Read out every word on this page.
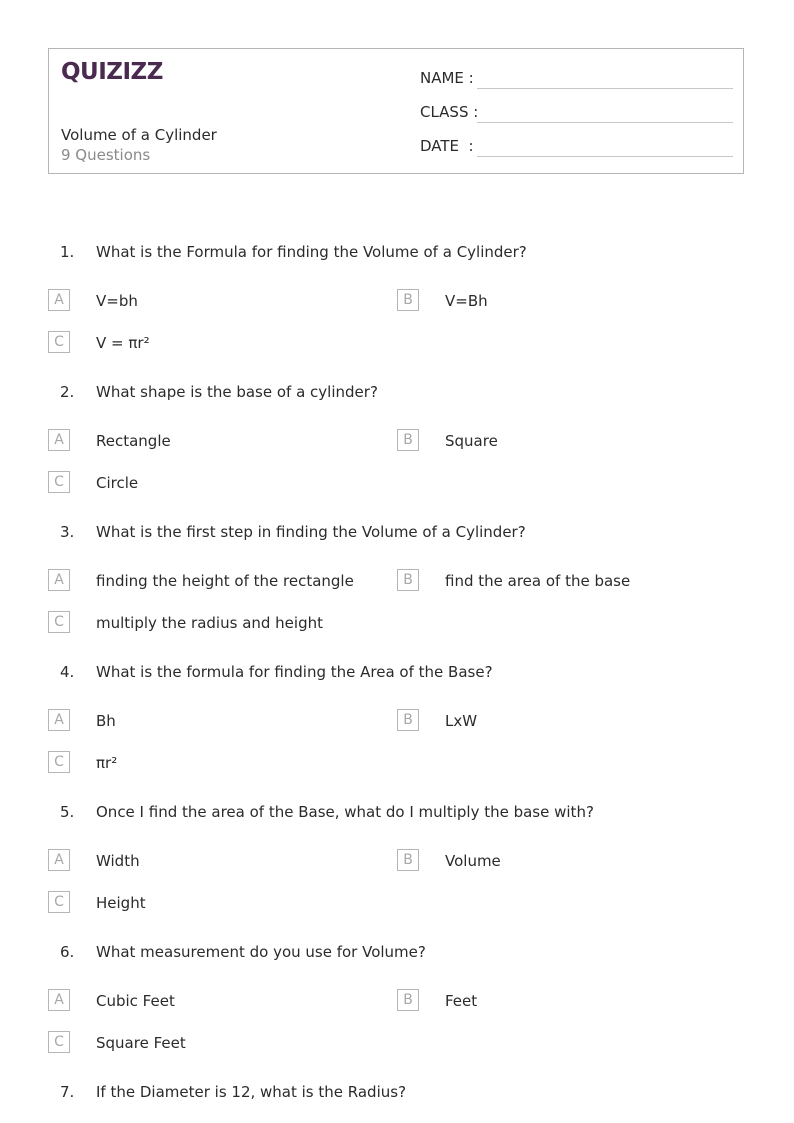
QUIZIZZ
Volume of a Cylinder
9 Questions
NAME :
CLASS :
DATE  :
1. What is the Formula for finding the Volume of a Cylinder?
A	V=bh	B	V=Bh
C	V = πr²
2. What shape is the base of a cylinder?
A	Rectangle	B	Square
C	Circle
3. What is the first step in finding the Volume of a Cylinder?
A	finding the height of the rectangle	B	find the area of the base
C	multiply the radius and height
4. What is the formula for finding the Area of the Base?
A	Bh	B	LxW
C	πr²
5. Once I find the area of the Base, what do I multiply the base with?
A	Width	B	Volume
C	Height
6. What measurement do you use for Volume?
A	Cubic Feet	B	Feet
C	Square Feet
7. If the Diameter is 12, what is the Radius?
